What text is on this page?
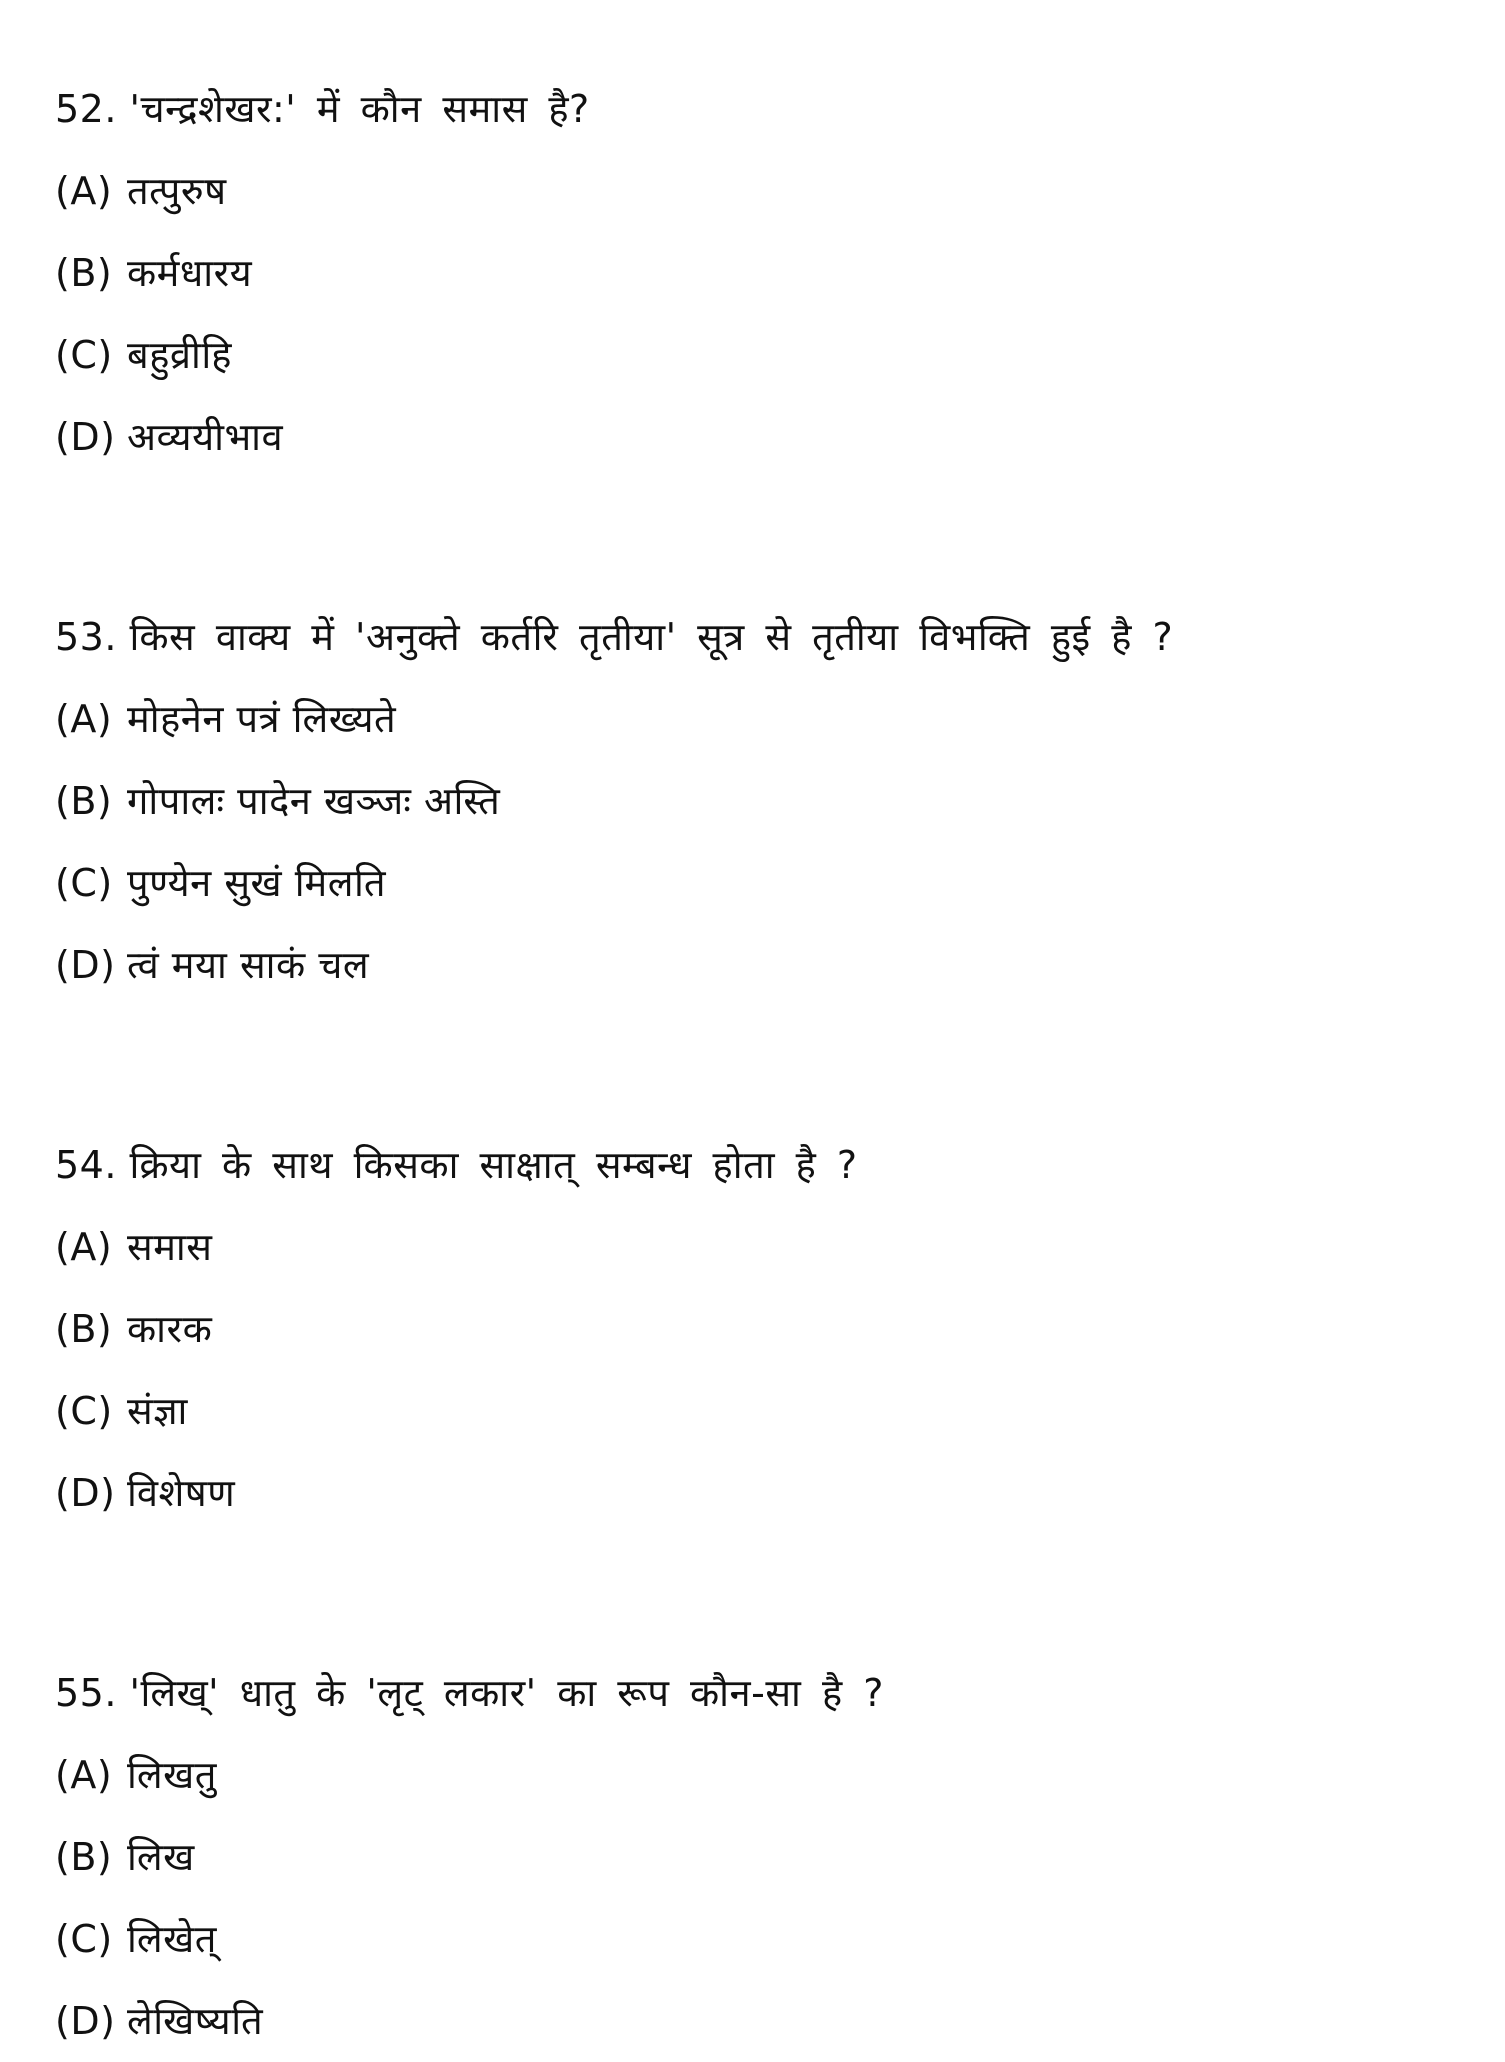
52. 'चन्द्रशेखर:' में कौन समास है?
(A) तत्पुरुष
(B) कर्मधारय
(C) बहुव्रीहि
(D) अव्ययीभाव
53. किस वाक्य में 'अनुक्ते कर्तरि तृतीया' सूत्र से तृतीया विभक्ति हुई है ?
(A) मोहनेन पत्रं लिख्यते
(B) गोपालः पादेन खञ्जः अस्ति
(C) पुण्येन सुखं मिलति
(D) त्वं मया साकं चल
54. क्रिया के साथ किसका साक्षात् सम्बन्ध होता है ?
(A) समास
(B) कारक
(C) संज्ञा
(D) विशेषण
55. 'लिख्' धातु के 'लृट् लकार' का रूप कौन-सा है ?
(A) लिखतु
(B) लिख
(C) लिखेत्
(D) लेखिष्यति
